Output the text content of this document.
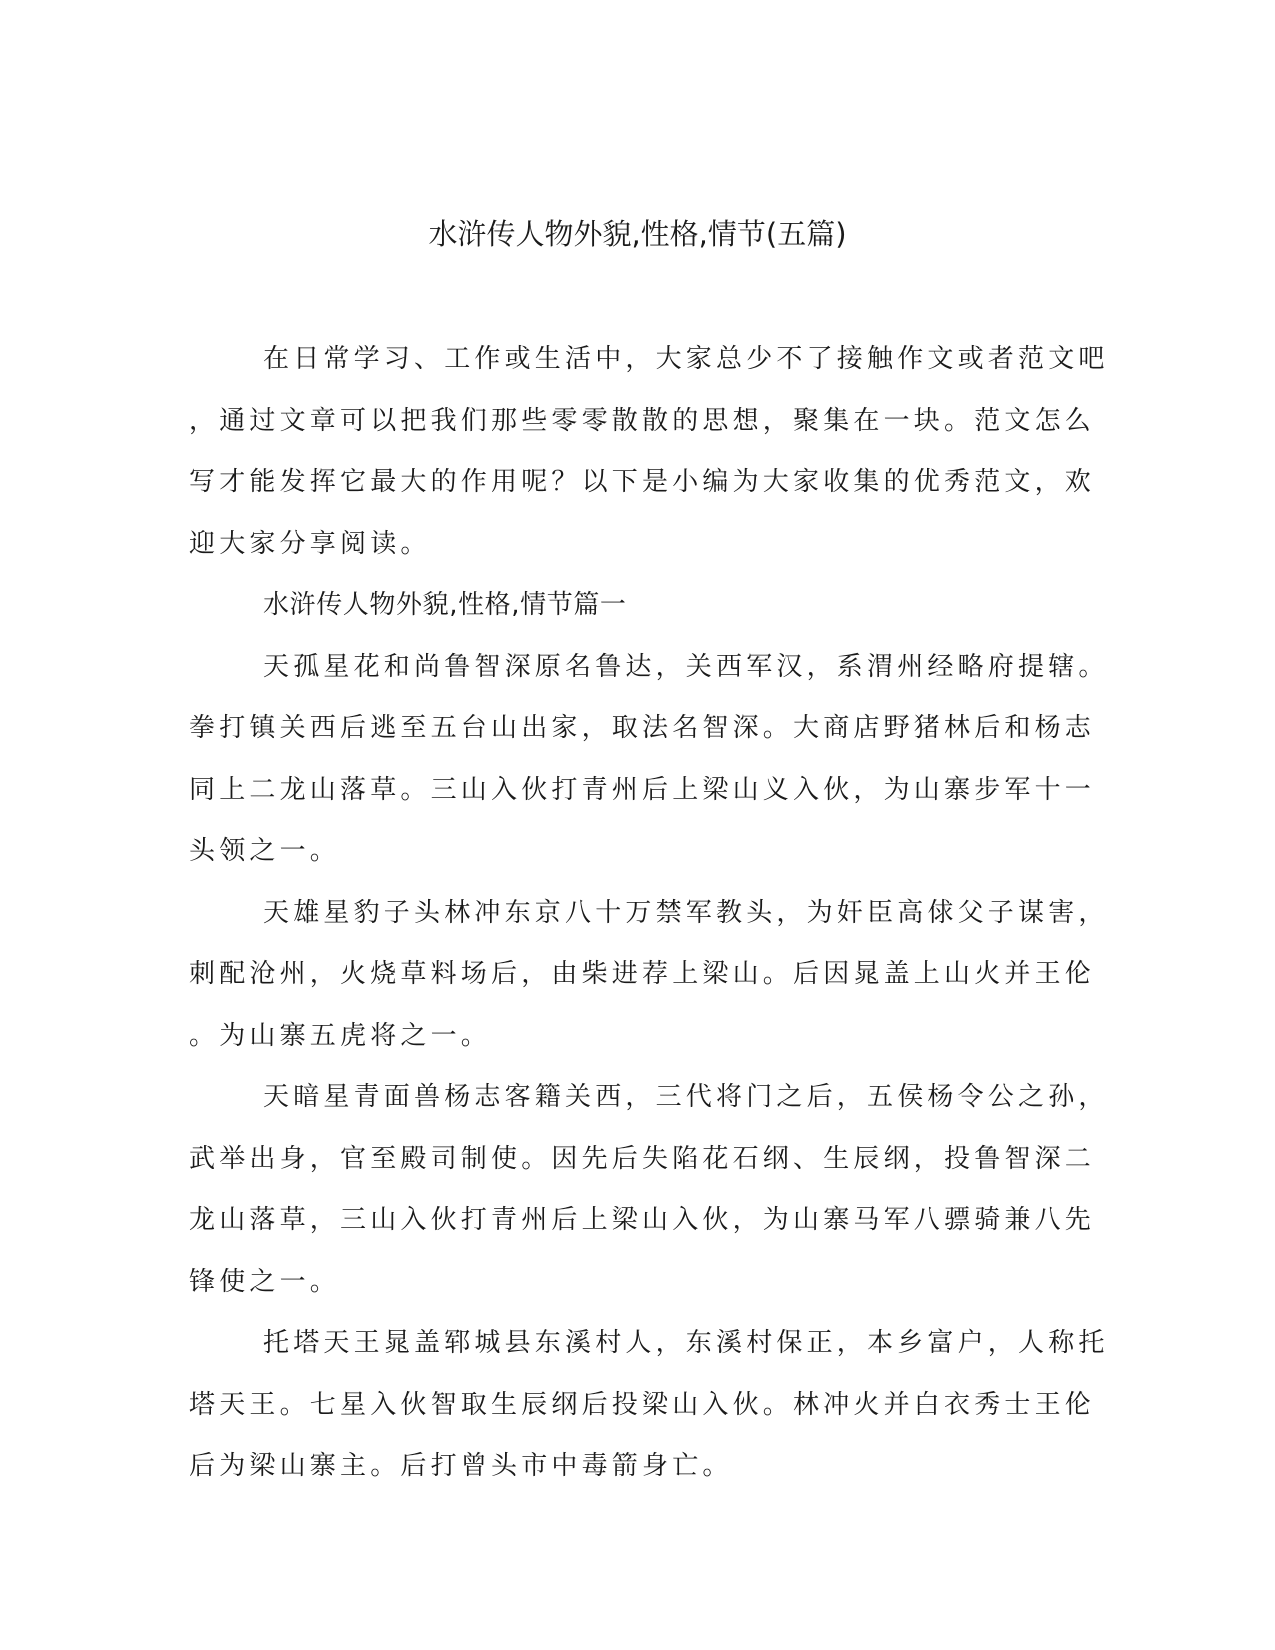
水浒传人物外貌,性格,情节(五篇)

在日常学习、工作或生活中，大家总少不了接触作文或者范文吧

，通过文章可以把我们那些零零散散的思想，聚集在一块。范文怎么

写才能发挥它最大的作用呢？以下是小编为大家收集的优秀范文，欢

迎大家分享阅读。

水浒传人物外貌,性格,情节篇一

天孤星花和尚鲁智深原名鲁达，关西军汉，系渭州经略府提辖。

拳打镇关西后逃至五台山出家，取法名智深。大商店野猪林后和杨志

同上二龙山落草。三山入伙打青州后上梁山义入伙，为山寨步军十一

头领之一。

天雄星豹子头林冲东京八十万禁军教头，为奸臣高俅父子谋害，

刺配沧州，火烧草料场后，由柴进荐上梁山。后因晁盖上山火并王伦

。为山寨五虎将之一。

天暗星青面兽杨志客籍关西，三代将门之后，五侯杨令公之孙，

武举出身，官至殿司制使。因先后失陷花石纲、生辰纲，投鲁智深二

龙山落草，三山入伙打青州后上梁山入伙，为山寨马军八骠骑兼八先

锋使之一。

托塔天王晁盖郓城县东溪村人，东溪村保正，本乡富户，人称托

塔天王。七星入伙智取生辰纲后投梁山入伙。林冲火并白衣秀士王伦

后为梁山寨主。后打曾头市中毒箭身亡。
